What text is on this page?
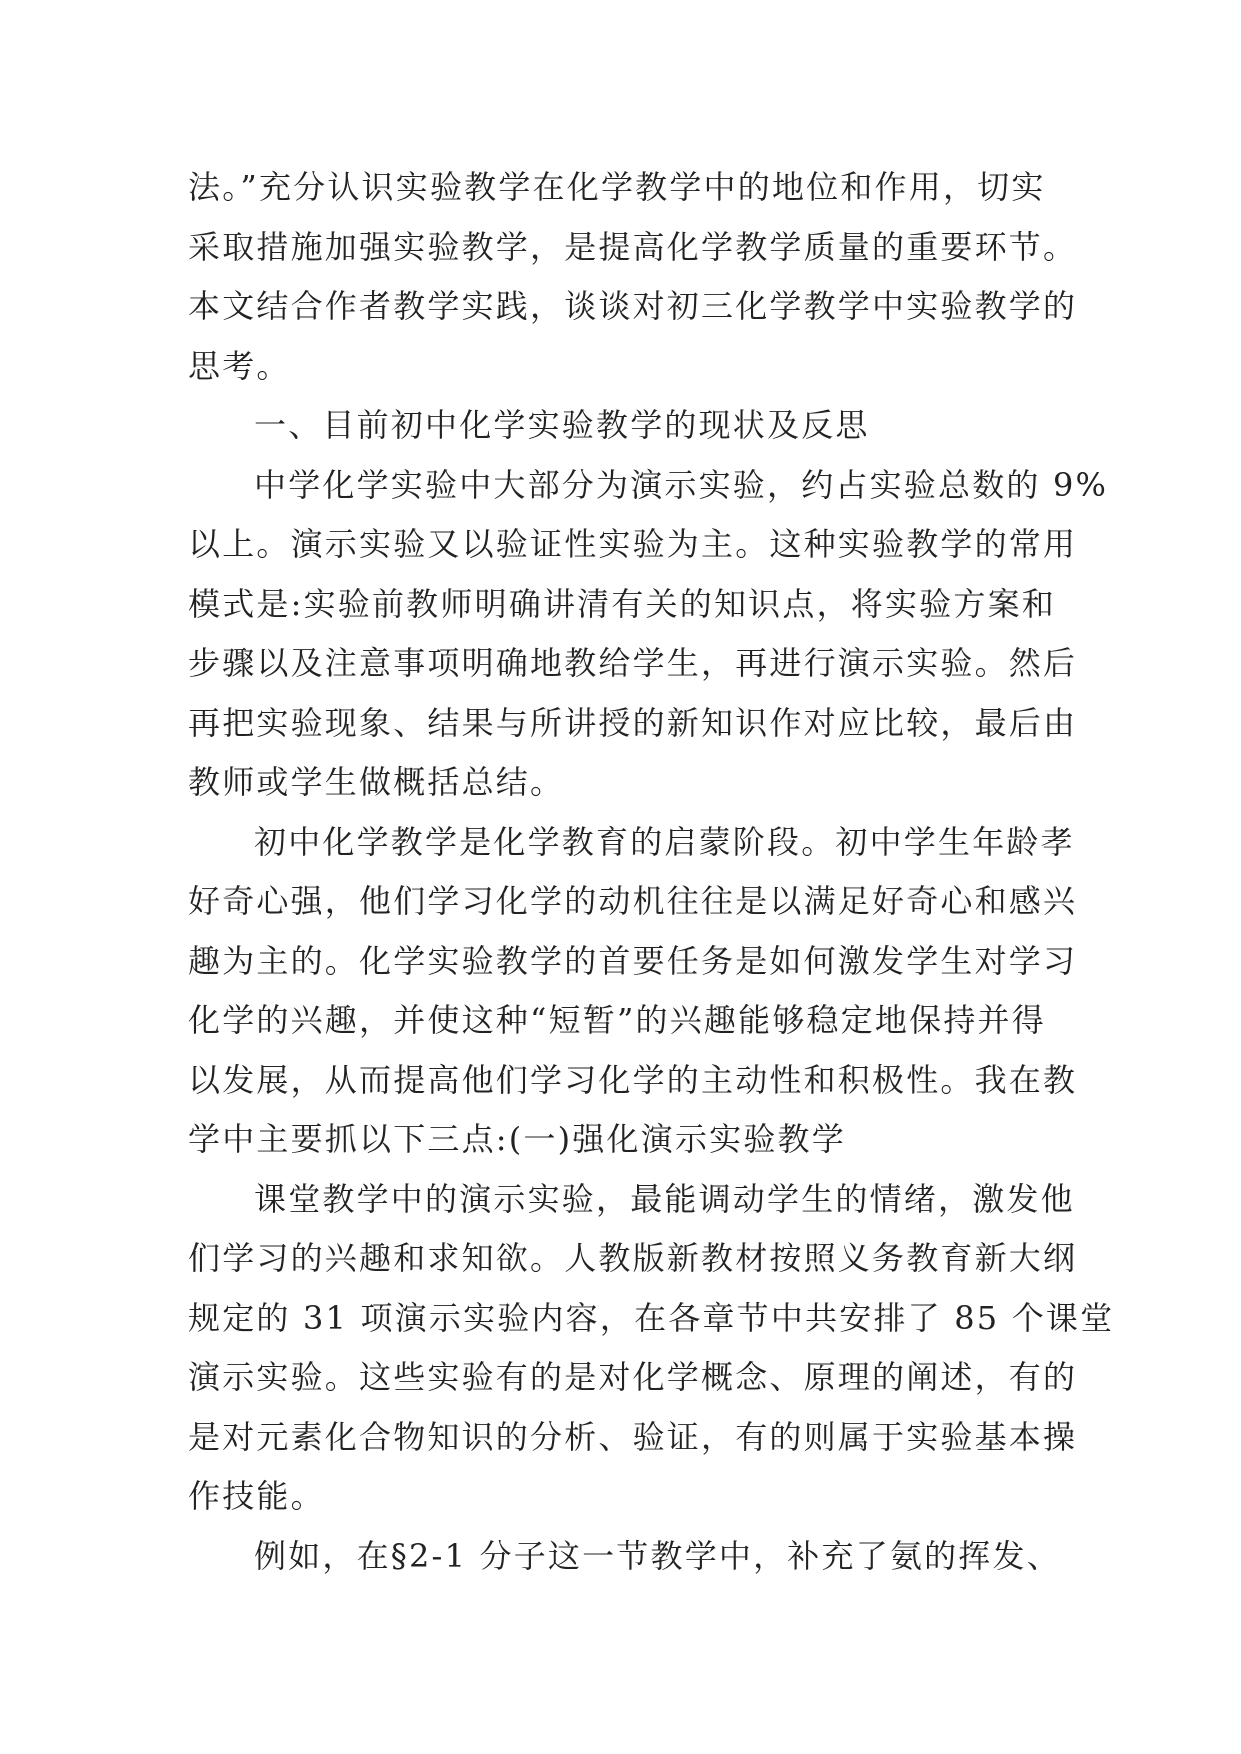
法。”充分认识实验教学在化学教学中的地位和作用，切实
采取措施加强实验教学，是提高化学教学质量的重要环节。
本文结合作者教学实践，谈谈对初三化学教学中实验教学的
思考。

一、目前初中化学实验教学的现状及反思

中学化学实验中大部分为演示实验，约占实验总数的 9%
以上。演示实验又以验证性实验为主。这种实验教学的常用
模式是:实验前教师明确讲清有关的知识点，将实验方案和
步骤以及注意事项明确地教给学生，再进行演示实验。然后
再把实验现象、结果与所讲授的新知识作对应比较，最后由
教师或学生做概括总结。

初中化学教学是化学教育的启蒙阶段。初中学生年龄孝
好奇心强，他们学习化学的动机往往是以满足好奇心和感兴
趣为主的。化学实验教学的首要任务是如何激发学生对学习
化学的兴趣，并使这种“短暂”的兴趣能够稳定地保持并得
以发展，从而提高他们学习化学的主动性和积极性。我在教
学中主要抓以下三点:(一)强化演示实验教学

课堂教学中的演示实验，最能调动学生的情绪，激发他
们学习的兴趣和求知欲。人教版新教材按照义务教育新大纲
规定的 31 项演示实验内容，在各章节中共安排了 85 个课堂
演示实验。这些实验有的是对化学概念、原理的阐述，有的
是对元素化合物知识的分析、验证，有的则属于实验基本操
作技能。

例如，在§2-1 分子这一节教学中，补充了氨的挥发、
